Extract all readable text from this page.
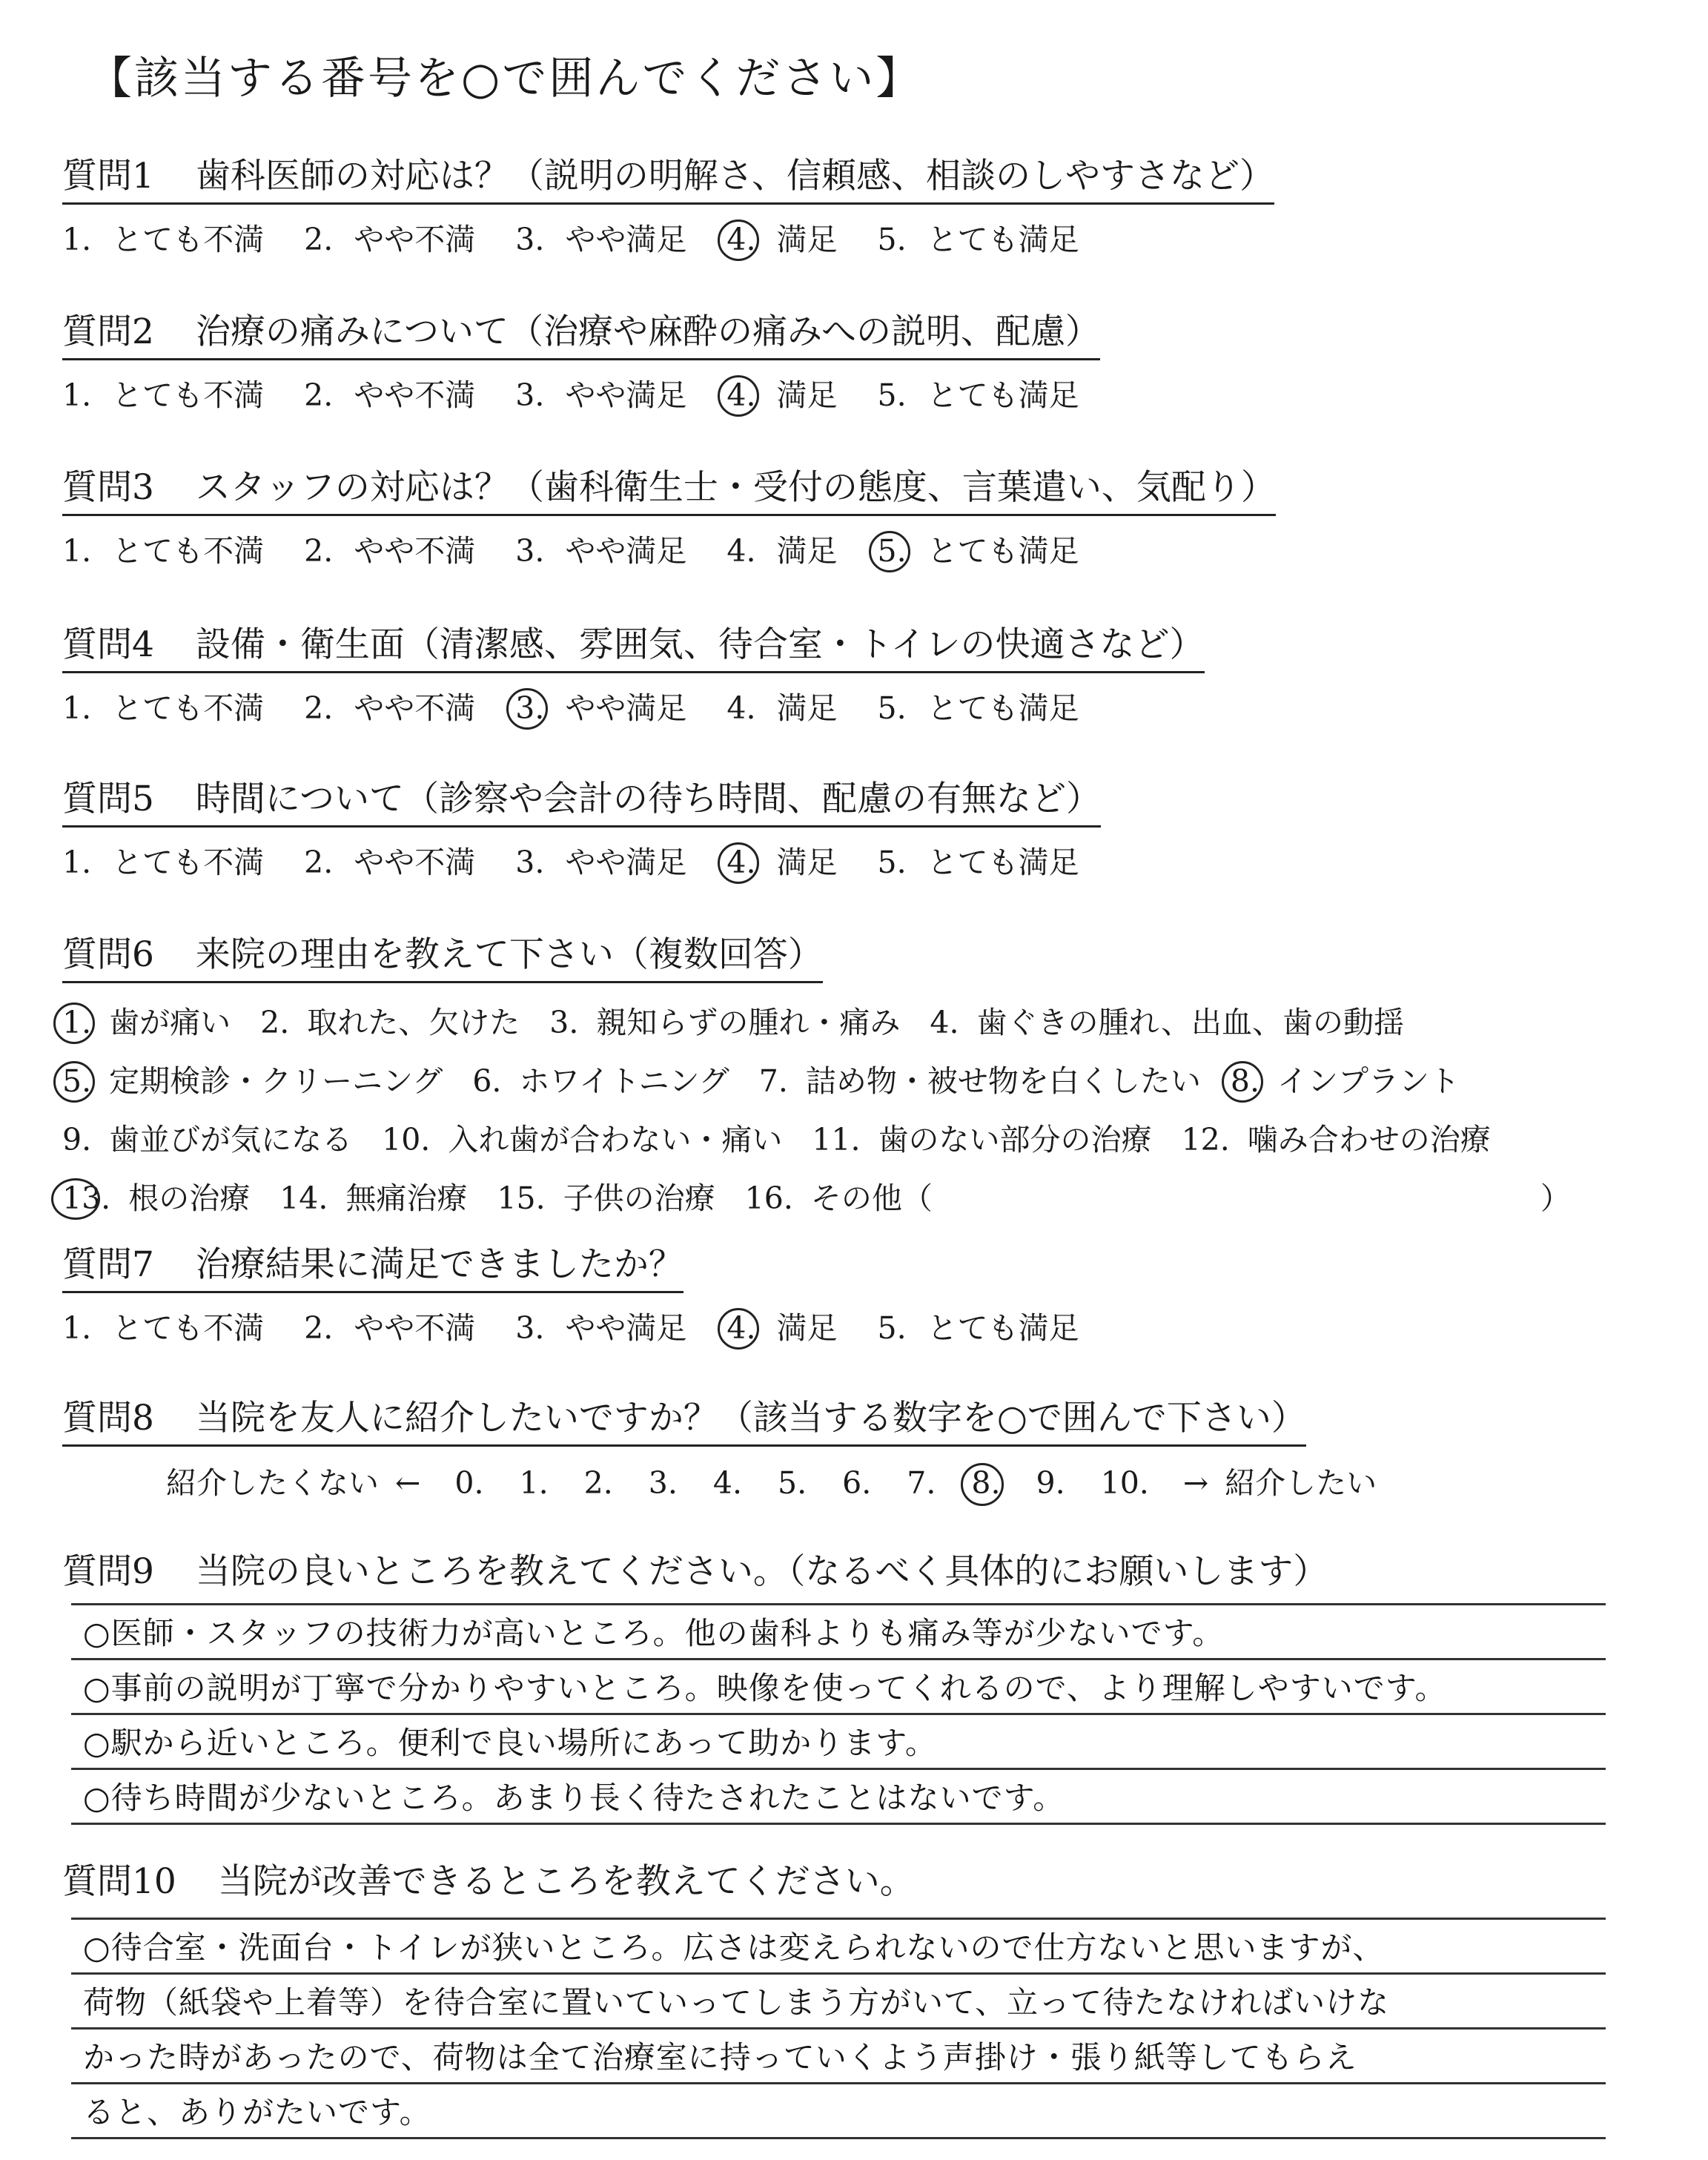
【該当する番号を○で囲んでください】
質問1 歯科医師の対応は？（説明の明解さ、信頼感、相談のしやすさなど）
1. とても不満 2. やや不満 3. やや満足 4. 満足 5. とても満足
質問2 治療の痛みについて（治療や麻酔の痛みへの説明、配慮）
1. とても不満 2. やや不満 3. やや満足 4. 満足 5. とても満足
質問3 スタッフの対応は？（歯科衛生士・受付の態度、言葉遣い、気配り）
1. とても不満 2. やや不満 3. やや満足 4. 満足 5. とても満足
質問4 設備・衛生面（清潔感、雰囲気、待合室・トイレの快適さなど）
1. とても不満 2. やや不満 3. やや満足 4. 満足 5. とても満足
質問5 時間について（診察や会計の待ち時間、配慮の有無など）
1. とても不満 2. やや不満 3. やや満足 4. 満足 5. とても満足
質問6 来院の理由を教えて下さい（複数回答）
1. 歯が痛い 2. 取れた、欠けた 3. 親知らずの腫れ・痛み 4. 歯ぐきの腫れ、出血、歯の動揺
5. 定期検診・クリーニング 6. ホワイトニング 7. 詰め物・被せ物を白くしたい 8. インプラント
9. 歯並びが気になる 10. 入れ歯が合わない・痛い 11. 歯のない部分の治療 12. 噛み合わせの治療
13. 根の治療 14. 無痛治療 15. 子供の治療 16. その他（	）
質問7 治療結果に満足できましたか？
1. とても不満 2. やや不満 3. やや満足 4. 満足 5. とても満足
質問8 当院を友人に紹介したいですか？（該当する数字を○で囲んで下さい）
紹介したくない ← 0. 1. 2. 3. 4. 5. 6. 7. 8. 9. 10. → 紹介したい
質問9 当院の良いところを教えてください。（なるべく具体的にお願いします）
○医師・スタッフの技術力が高いところ。他の歯科よりも痛み等が少ないです。
○事前の説明が丁寧で分かりやすいところ。映像を使ってくれるので、より理解しやすいです。
○駅から近いところ。便利で良い場所にあって助かります。
○待ち時間が少ないところ。あまり長く待たされたことはないです。
質問10 当院が改善できるところを教えてください。
○待合室・洗面台・トイレが狭いところ。広さは変えられないので仕方ないと思いますが、
荷物（紙袋や上着等）を待合室に置いていってしまう方がいて、立って待たなければいけな
かった時があったので、荷物は全て治療室に持っていくよう声掛け・張り紙等してもらえ
ると、ありがたいです。
